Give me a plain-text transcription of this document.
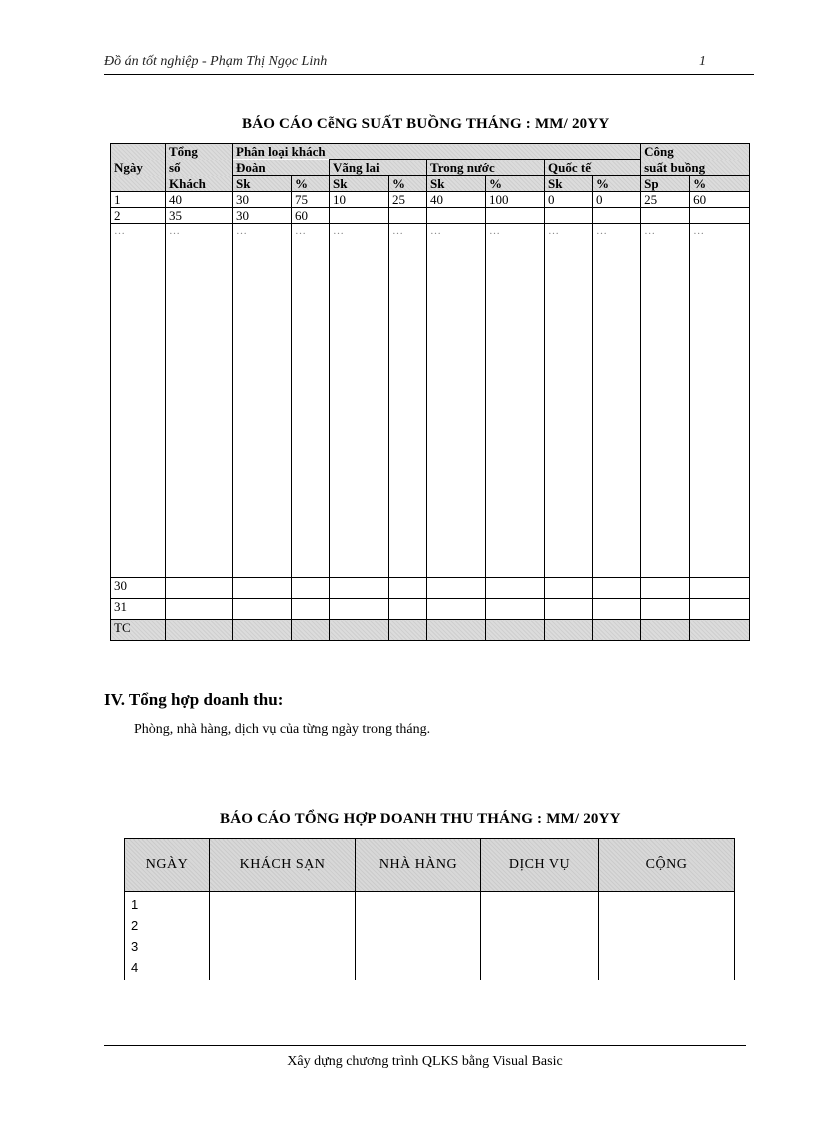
Đồ án tốt nghiệp - Phạm Thị Ngọc Linh	1
BÁO CÁO CễNG SUẤT BUỒNG THÁNG : MM/ 20YY
	Tổng	Phân loại khách								Công	
Ngày	số	Đoàn		Vãng lai		Trong nước		Quốc tế		suất buồng	
	Khách	Sk	%	Sk	%	Sk	%	Sk	%	Sp	%
1	40	30	75	10	25	40	100	0	0	25	60
2	35	30	60								
…	…	…	…	…	…	…	…	…	…	…	…
30											
31											
TC											
IV. Tổng hợp doanh thu:
Phòng, nhà hàng, dịch vụ của từng ngày trong tháng.
BÁO CÁO TỔNG HỢP DOANH THU THÁNG : MM/ 20YY
NGÀY	KHÁCH SẠN	NHÀ HÀNG	DỊCH VỤ	CỘNG

1
2
3
4				

Xây dựng chương trình QLKS bằng Visual Basic
